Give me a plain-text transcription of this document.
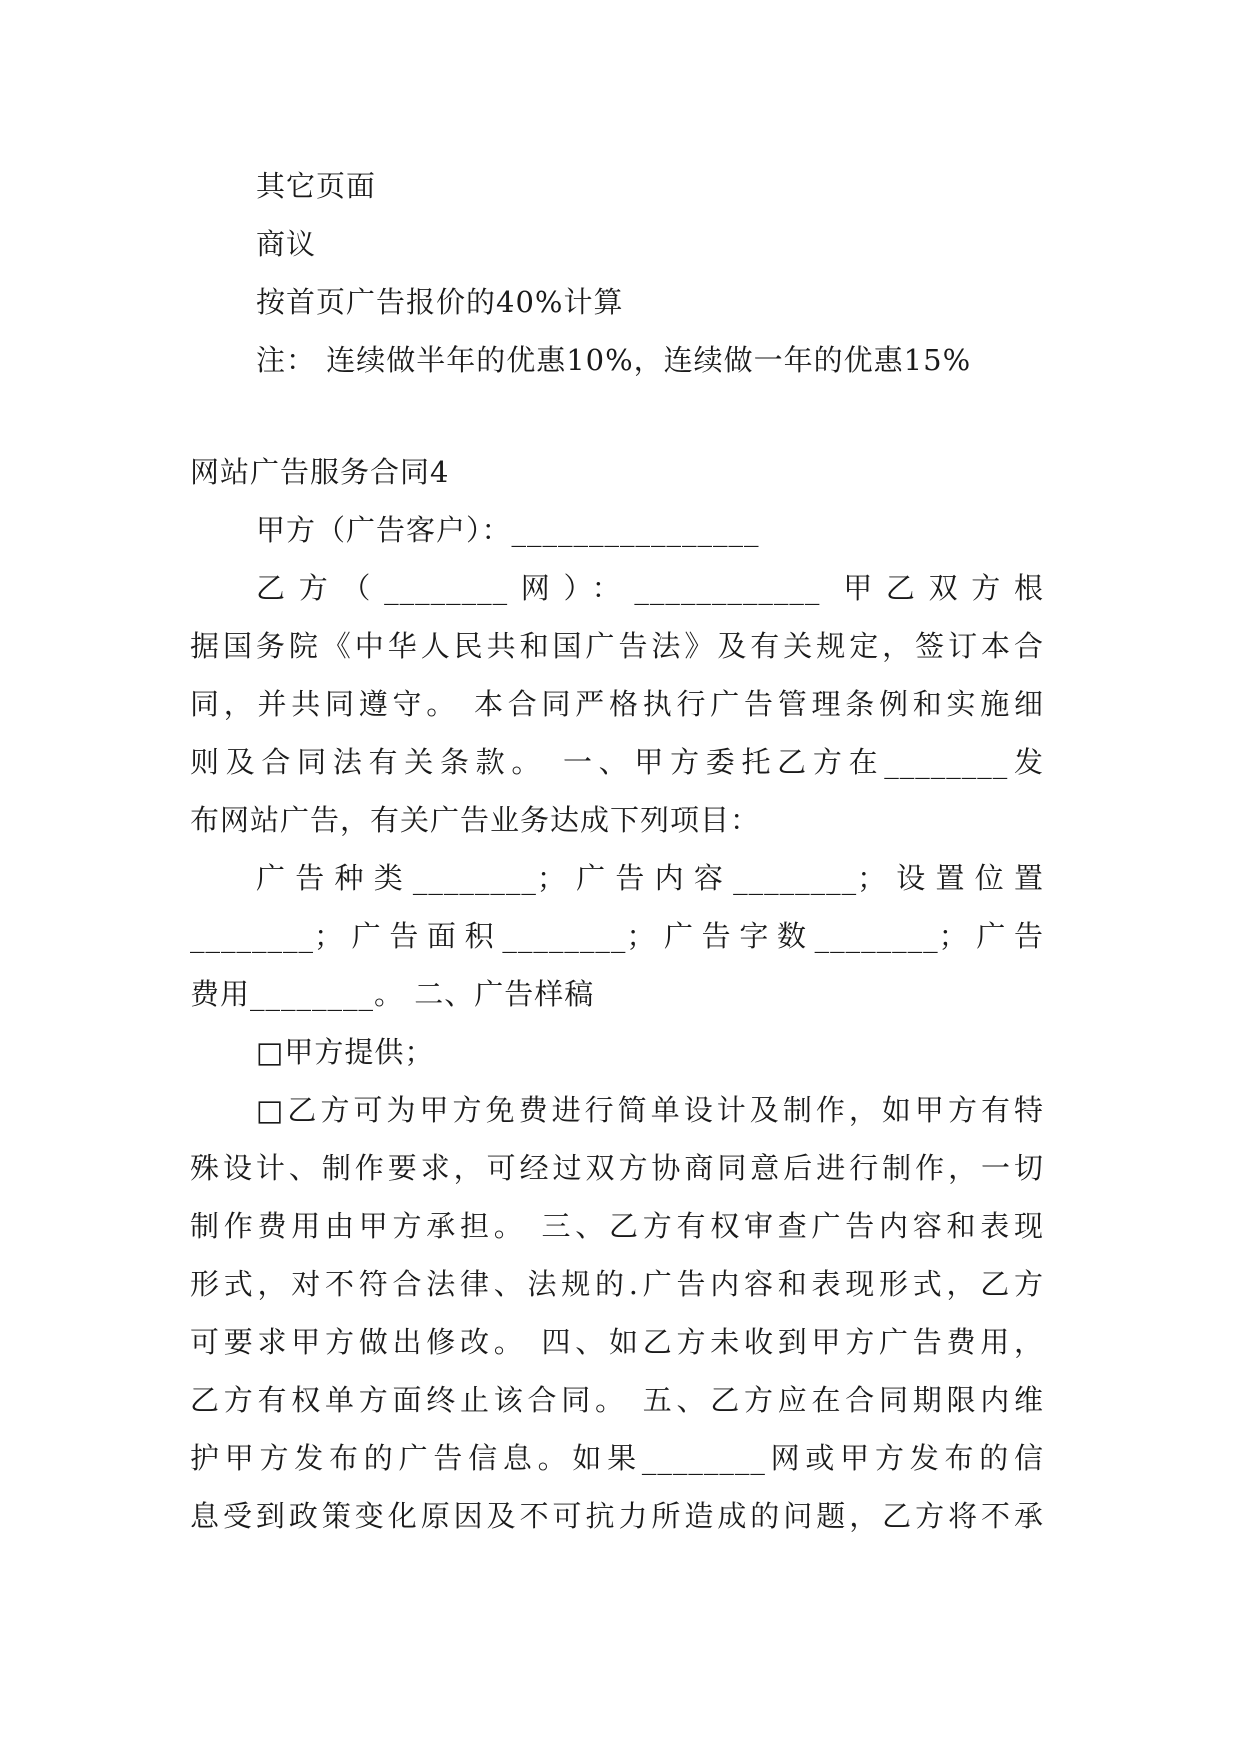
其它页面
商议
按首页广告报价的40%计算
注： 连续做半年的优惠10%，连续做一年的优惠15%
网站广告服务合同4
甲方（广告客户）：________________
乙方（________网）：____________ 甲乙双方根
据国务院《中华人民共和国广告法》及有关规定，签订本合
同，并共同遵守。 本合同严格执行广告管理条例和实施细
则及合同法有关条款。 一、甲方委托乙方在________发
布网站广告，有关广告业务达成下列项目：
广告种类________；广告内容________；设置位置
________；广告面积________；广告字数________；广告
费用________。 二、广告样稿
□甲方提供；
□乙方可为甲方免费进行简单设计及制作，如甲方有特
殊设计、制作要求，可经过双方协商同意后进行制作，一切
制作费用由甲方承担。 三、乙方有权审查广告内容和表现
形式，对不符合法律、法规的.广告内容和表现形式，乙方
可要求甲方做出修改。 四、如乙方未收到甲方广告费用，
乙方有权单方面终止该合同。 五、乙方应在合同期限内维
护甲方发布的广告信息。如果________网或甲方发布的信
息受到政策变化原因及不可抗力所造成的问题，乙方将不承
